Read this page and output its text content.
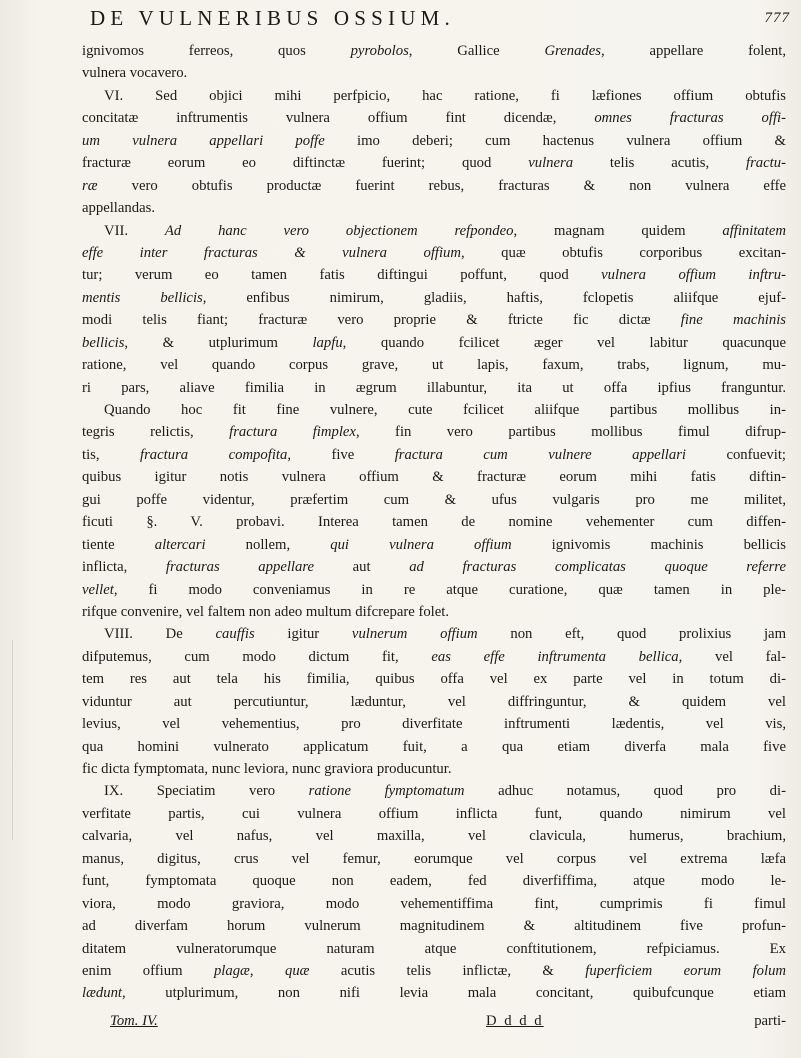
DE VULNERIBUS OSSIUM.	777
ignivomos ferreos, quos pyrobolos, Gallice Grenades, appellare folent,
vulnera vocavero.
VI. Sed objici mihi perfpicio, hac ratione, fi læfiones offium obtufis
concitatæ inftrumentis vulnera offium fint dicendæ, omnes fracturas offi-
um vulnera appellari poffe imo deberi; cum hactenus vulnera offium &
fracturæ eorum eo diftinctæ fuerint; quod vulnera telis acutis, fractu-
ræ vero obtufis productæ fuerint rebus, fracturas & non vulnera effe
appellandas.
VII. Ad hanc vero objectionem refpondeo, magnam quidem affinitatem
effe inter fracturas & vulnera offium, quæ obtufis corporibus excitan-
tur; verum eo tamen fatis diftingui poffunt, quod vulnera offium inftru-
mentis bellicis, enfibus nimirum, gladiis, haftis, fclopetis aliifque ejuf-
modi telis fiant; fracturæ vero proprie & ftricte fic dictæ fine machinis
bellicis, & utplurimum lapfu, quando fcilicet æger vel labitur quacunque
ratione, vel quando corpus grave, ut lapis, faxum, trabs, lignum, mu-
ri pars, aliave fimilia in ægrum illabuntur, ita ut offa ipfius franguntur.
Quando hoc fit fine vulnere, cute fcilicet aliifque partibus mollibus in-
tegris relictis, fractura fimplex, fin vero partibus mollibus fimul difrup-
tis, fractura compofita, five fractura cum vulnere appellari confuevit;
quibus igitur notis vulnera offium & fracturæ eorum mihi fatis diftin-
gui poffe videntur, præfertim cum & ufus vulgaris pro me militet,
ficuti §. V. probavi. Interea tamen de nomine vehementer cum diffen-
tiente altercari nollem, qui vulnera offium ignivomis machinis bellicis
inflicta, fracturas appellare aut ad fracturas complicatas quoque referre
vellet, fi modo conveniamus in re atque curatione, quæ tamen in ple-
rifque convenire, vel faltem non adeo multum difcrepare folet.
VIII. De cauffis igitur vulnerum offium non eft, quod prolixius jam
difputemus, cum modo dictum fit, eas effe inftrumenta bellica, vel fal-
tem res aut tela his fimilia, quibus offa vel ex parte vel in totum di-
viduntur aut percutiuntur, læduntur, vel diffringuntur, & quidem vel
levius, vel vehementius, pro diverfitate inftrumenti lædentis, vel vis,
qua homini vulnerato applicatum fuit, a qua etiam diverfa mala five
fic dicta fymptomata, nunc leviora, nunc graviora producuntur.
IX. Speciatim vero ratione fymptomatum adhuc notamus, quod pro di-
verfitate partis, cui vulnera offium inflicta funt, quando nimirum vel
calvaria, vel nafus, vel maxilla, vel clavicula, humerus, brachium,
manus, digitus, crus vel femur, eorumque vel corpus vel extrema læfa
funt, fymptomata quoque non eadem, fed diverfiffima, atque modo le-
viora, modo graviora, modo vehementiffima fint, cumprimis fi fimul
ad diverfam horum vulnerum magnitudinem & altitudinem five profun-
ditatem vulneratorumque naturam atque conftitutionem, refpiciamus. Ex
enim offium plagæ, quæ acutis telis inflictæ, & fuperficiem eorum folum
lædunt, utplurimum, non nifi levia mala concitant, quibufcunque etiam
Tom. IV.	D d d d	parti-
